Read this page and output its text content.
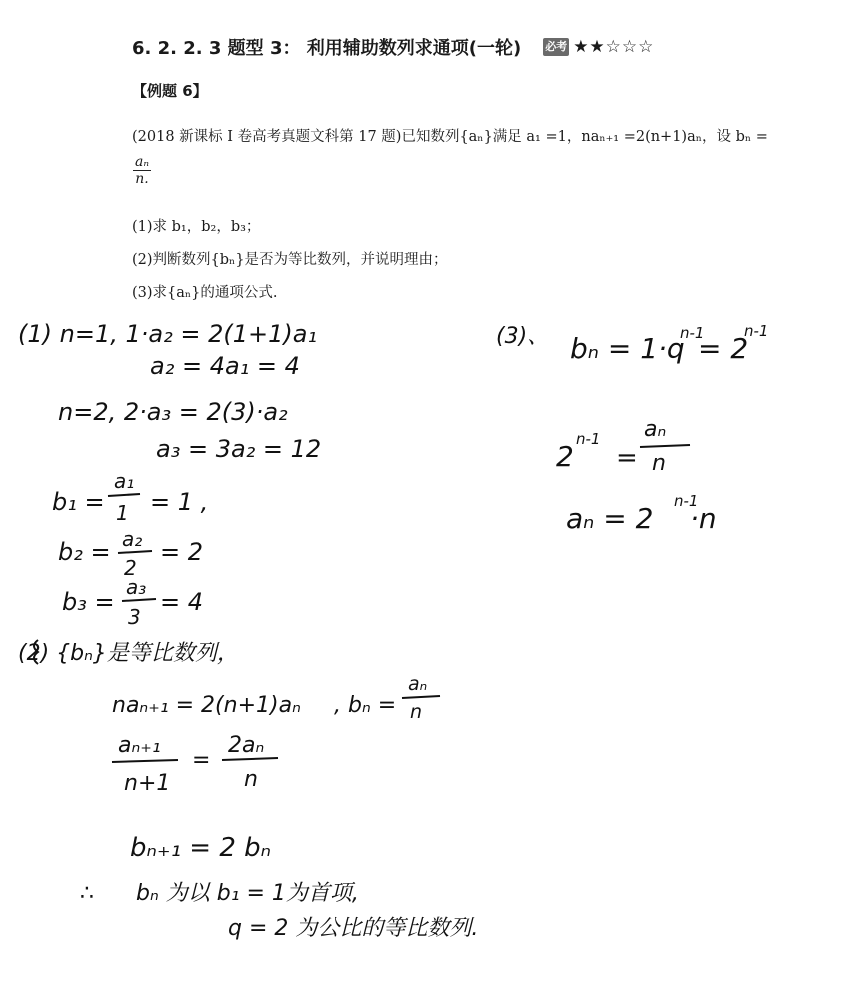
6. 2. 2. 3 题型 3： 利用辅助数列求通项(一轮) 必考 ★★☆☆☆
【例题 6】
(2018 新课标 I 卷高考真题文科第 17 题)已知数列{aₙ}满足 a₁ =1，naₙ₊₁ =2(n+1)aₙ，设 bₙ =
$\frac{\text{aₙ}}{n.}$
(1)求 b₁，b₂，b₃；
(2)判断数列{bₙ}是否为等比数列，并说明理由；
(3)求{aₙ}的通项公式.
(1) n=1, 1·a₂ = 2(1+1)a₁
a₂ = 4a₁ = 4
n=2, 2·a₃ = 2(3)·a₂
a₃ = 3a₂ = 12
b₁ =
a₁
1 = 1 ,
b₂ = a₂
2
= 2
b₃ =
a₃
3
= 4
(2) {bₙ}是等比数列，
naₙ₊₁ = 2(n+1)aₙ , bₙ =
aₙ
n
aₙ₊₁
n+1
=
2aₙ
n
bₙ₊₁ = 2 bₙ
∴ bₙ 为以 b₁ = 1为首项,
q = 2 为公比的等比数列.
(3)、 bₙ = 1·q
n-1
= 2
n-1
2
n-1
=
aₙ
n
aₙ = 2
n-1
·n
